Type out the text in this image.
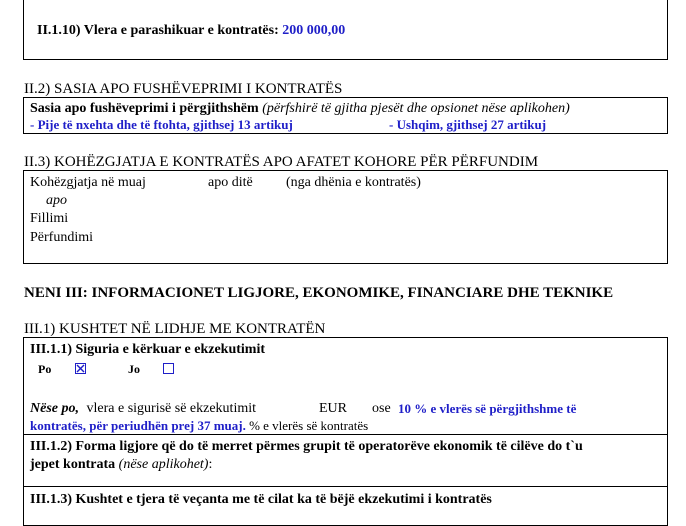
II.1.10) Vlera e parashikuar e kontratës: 200 000,00
II.2) SASIA APO FUSHËVEPRIMI I KONTRATËS
Sasia apo fushëveprimi i përgjithshëm (përfshirë të gjitha pjesët dhe opsionet nëse aplikohen)
- Pije të nxehta dhe të ftohta, gjithsej 13 artikuj	- Ushqim, gjithsej 27 artikuj
II.3) KOHËZGJATJA E KONTRATËS APO AFATET KOHORE PËR PËRFUNDIM
Kohëzgjatja në muaj	apo ditë (nga dhënia e kontratës)
apo
Fillimi
Përfundimi
NENI III: INFORMACIONET LIGJORE, EKONOMIKE, FINANCIARE DHE TEKNIKE
III.1) KUSHTET NË LIDHJE ME KONTRATËN
III.1.1) Siguria e kërkuar e ekzekutimit
Po	Jo
Nëse po, vlera e sigurisë së ekzekutimit	EUR ose 10 % e vlerës së përgjithshme të
kontratës, për periudhën prej 37 muaj. % e vlerës së kontratës
III.1.2) Forma ligjore që do të merret përmes grupit të operatorëve ekonomik të cilëve do t`u
jepet kontrata (nëse aplikohet):
III.1.3) Kushtet e tjera të veçanta me të cilat ka të bëjë ekzekutimi i kontratës
